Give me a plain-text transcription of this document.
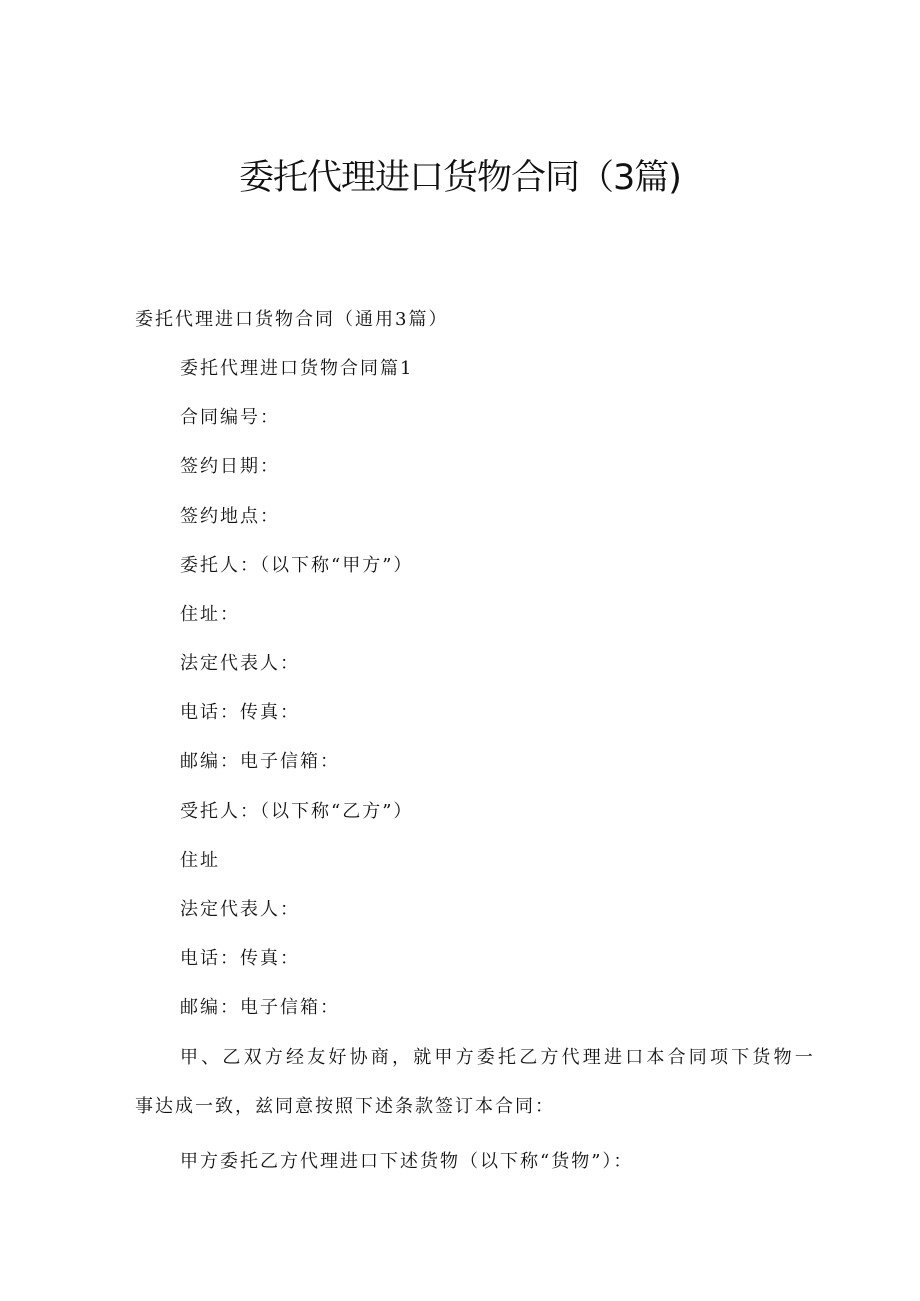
委托代理进口货物合同（3篇)
委托代理进口货物合同（通用3篇）
委托代理进口货物合同篇1
合同编号：
签约日期：
签约地点：
委托人：（以下称“甲方”）
住址：
法定代表人：
电话：传真：
邮编：电子信箱：
受托人：（以下称“乙方”）
住址
法定代表人：
电话：传真：
邮编：电子信箱：
甲、乙双方经友好协商，就甲方委托乙方代理进口本合同项下货物一
事达成一致，兹同意按照下述条款签订本合同：
甲方委托乙方代理进口下述货物（以下称“货物”）：
